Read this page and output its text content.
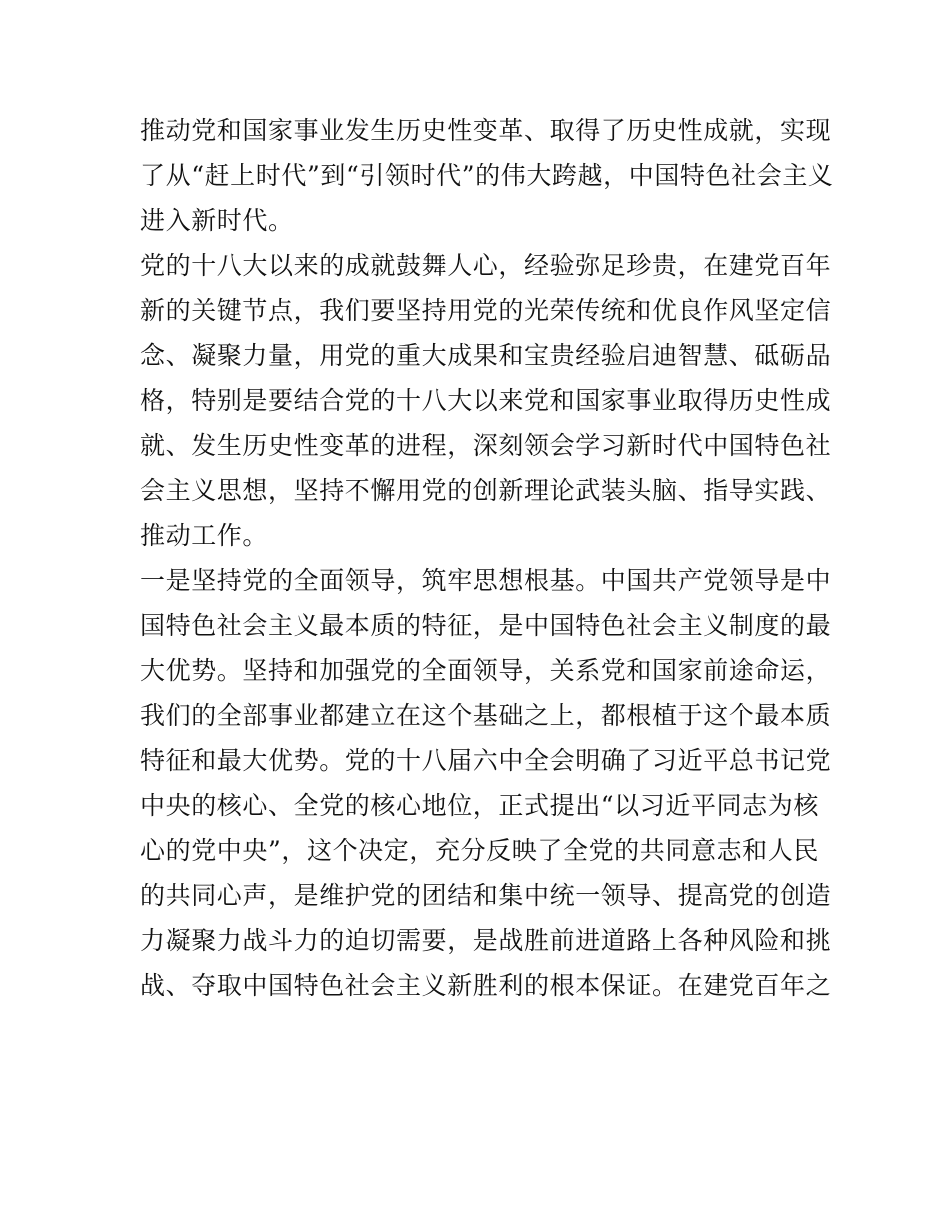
推动党和国家事业发生历史性变革、取得了历史性成就，实现
了从“赶上时代”到“引领时代”的伟大跨越，中国特色社会主义
进入新时代。

党的十八大以来的成就鼓舞人心，经验弥足珍贵，在建党百年
新的关键节点，我们要坚持用党的光荣传统和优良作风坚定信
念、凝聚力量，用党的重大成果和宝贵经验启迪智慧、砥砺品
格，特别是要结合党的十八大以来党和国家事业取得历史性成
就、发生历史性变革的进程，深刻领会学习新时代中国特色社
会主义思想，坚持不懈用党的创新理论武装头脑、指导实践、
推动工作。

一是坚持党的全面领导，筑牢思想根基。中国共产党领导是中
国特色社会主义最本质的特征，是中国特色社会主义制度的最
大优势。坚持和加强党的全面领导，关系党和国家前途命运，
我们的全部事业都建立在这个基础之上，都根植于这个最本质
特征和最大优势。党的十八届六中全会明确了习近平总书记党
中央的核心、全党的核心地位，正式提出“以习近平同志为核
心的党中央”，这个决定，充分反映了全党的共同意志和人民
的共同心声，是维护党的团结和集中统一领导、提高党的创造
力凝聚力战斗力的迫切需要，是战胜前进道路上各种风险和挑
战、夺取中国特色社会主义新胜利的根本保证。在建党百年之
